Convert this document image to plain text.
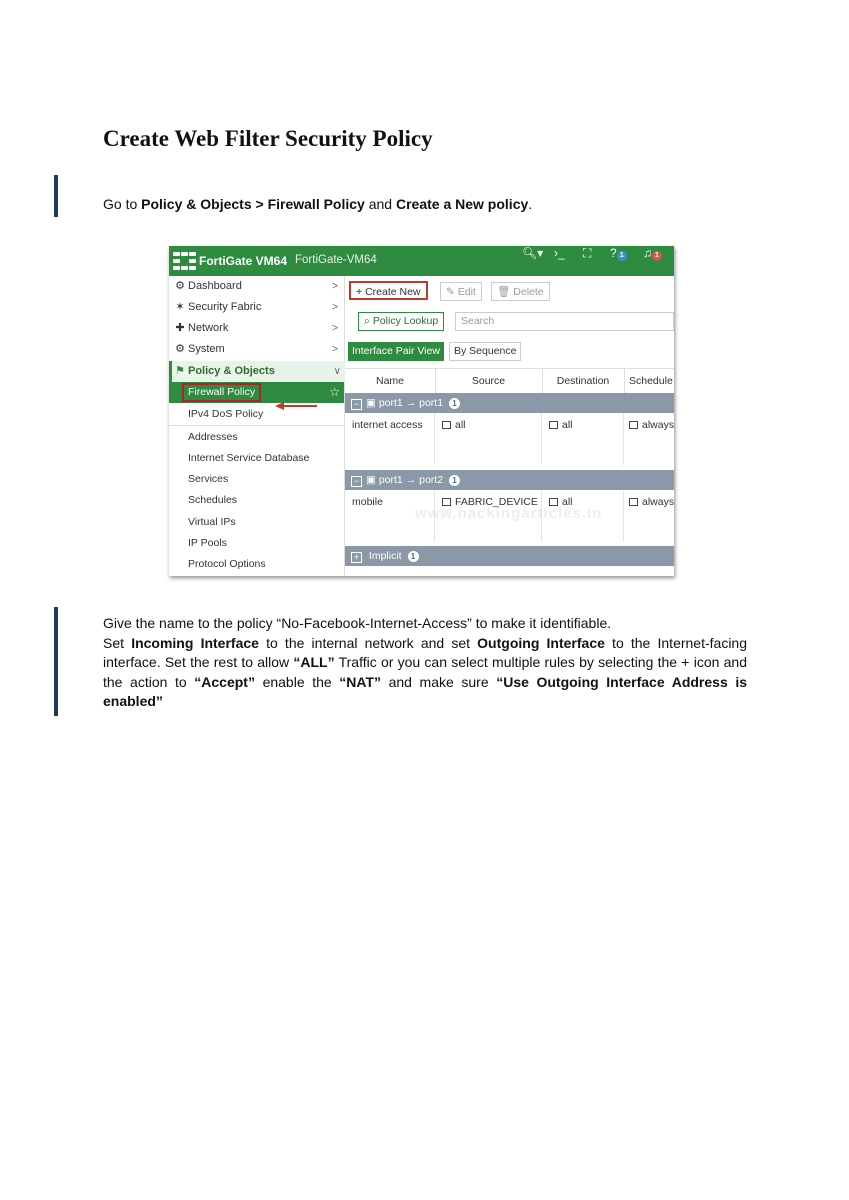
Create Web Filter Security Policy
Go to Policy & Objects > Firewall Policy and Create a New policy.
FortiGate VM64 FortiGate-VM64	🔍︎▾ ›_ ⛶ ? 1 ♫ 1
⚙ Dashboard	>
✶ Security Fabric	>
✚ Network	>
⚙ System	>
⚑ Policy & Objects	∨
Firewall Policy	☆
IPv4 DoS Policy
Addresses
Internet Service Database
Services
Schedules
Virtual IPs
IP Pools
Protocol Options
+ Create New	✎ Edit	🗑︎ Delete
⌕ Policy Lookup	Search
Interface Pair View	By Sequence
Name	Source	Destination	Schedule
− ▣ port1 → port1 1
internet access	all	all	always
− ▣ port1 → port2 1
mobile	FABRIC_DEVICE	all	always
+ Implicit 1
www.hackingarticles.in
Give the name to the policy “No-Facebook-Internet-Access” to make it identifiable.
Set Incoming Interface to the internal network and set Outgoing Interface to the Internet-facing interface. Set the rest to allow “ALL” Traffic or you can select multiple rules by selecting the + icon and the action to “Accept” enable the “NAT” and make sure “Use Outgoing Interface Address is enabled”
